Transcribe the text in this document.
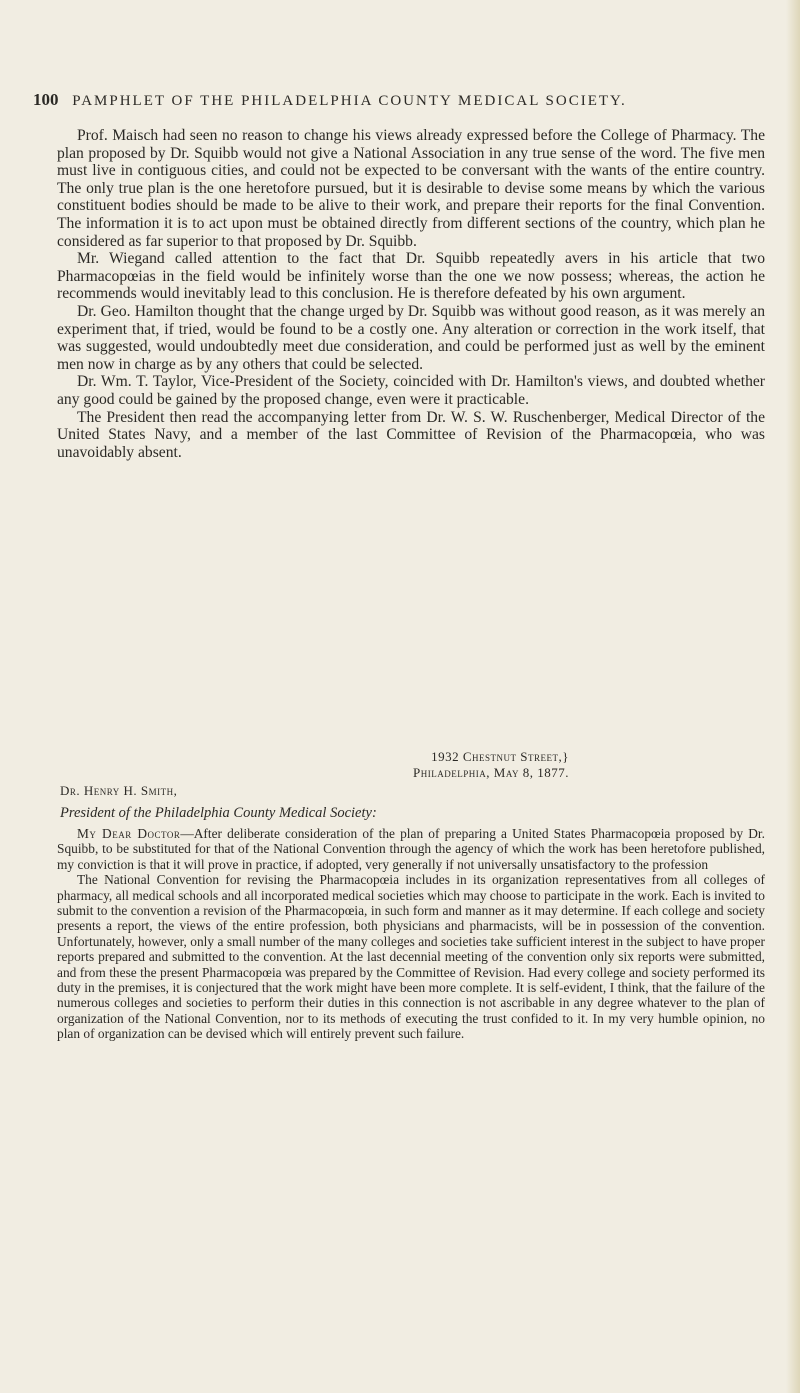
100 PAMPHLET OF THE PHILADELPHIA COUNTY MEDICAL SOCIETY.

Prof. Maisch had seen no reason to change his views already expressed before the College of Pharmacy. The plan proposed by Dr. Squibb would not give a National Association in any true sense of the word. The five men must live in contiguous cities, and could not be expected to be conversant with the wants of the entire country. The only true plan is the one heretofore pursued, but it is desirable to devise some means by which the various constituent bodies should be made to be alive to their work, and prepare their reports for the final Convention. The information it is to act upon must be obtained directly from different sections of the country, which plan he considered as far superior to that proposed by Dr. Squibb.

Mr. Wiegand called attention to the fact that Dr. Squibb repeatedly avers in his article that two Pharmacopœias in the field would be infinitely worse than the one we now possess; whereas, the action he recommends would inevitably lead to this conclusion. He is therefore defeated by his own argument.

Dr. Geo. Hamilton thought that the change urged by Dr. Squibb was without good reason, as it was merely an experiment that, if tried, would be found to be a costly one. Any alteration or correction in the work itself, that was suggested, would undoubtedly meet due consideration, and could be performed just as well by the eminent men now in charge as by any others that could be selected.

Dr. Wm. T. Taylor, Vice-President of the Society, coincided with Dr. Hamilton's views, and doubted whether any good could be gained by the proposed change, even were it practicable.

The President then read the accompanying letter from Dr. W. S. W. Ruschenberger, Medical Director of the United States Navy, and a member of the last Committee of Revision of the Pharmacopœia, who was unavoidably absent.

1932 Chestnut Street,}
Philadelphia, May 8, 1877.
Dr. Henry H. Smith,
President of the Philadelphia County Medical Society:

My Dear Doctor—After deliberate consideration of the plan of preparing a United States Pharmacopœia proposed by Dr. Squibb, to be substituted for that of the National Convention through the agency of which the work has been heretofore published, my conviction is that it will prove in practice, if adopted, very generally if not universally unsatisfactory to the profession

The National Convention for revising the Pharmacopœia includes in its organization representatives from all colleges of pharmacy, all medical schools and all incorporated medical societies which may choose to participate in the work. Each is invited to submit to the convention a revision of the Pharmacopœia, in such form and manner as it may determine. If each college and society presents a report, the views of the entire profession, both physicians and pharmacists, will be in possession of the convention. Unfortunately, however, only a small number of the many colleges and societies take sufficient interest in the subject to have proper reports prepared and submitted to the convention. At the last decennial meeting of the convention only six reports were submitted, and from these the present Pharmacopœia was prepared by the Committee of Revision. Had every college and society performed its duty in the premises, it is conjectured that the work might have been more complete. It is self-evident, I think, that the failure of the numerous colleges and societies to perform their duties in this connection is not ascribable in any degree whatever to the plan of organization of the National Convention, nor to its methods of executing the trust confided to it. In my very humble opinion, no plan of organization can be devised which will entirely prevent such failure.
